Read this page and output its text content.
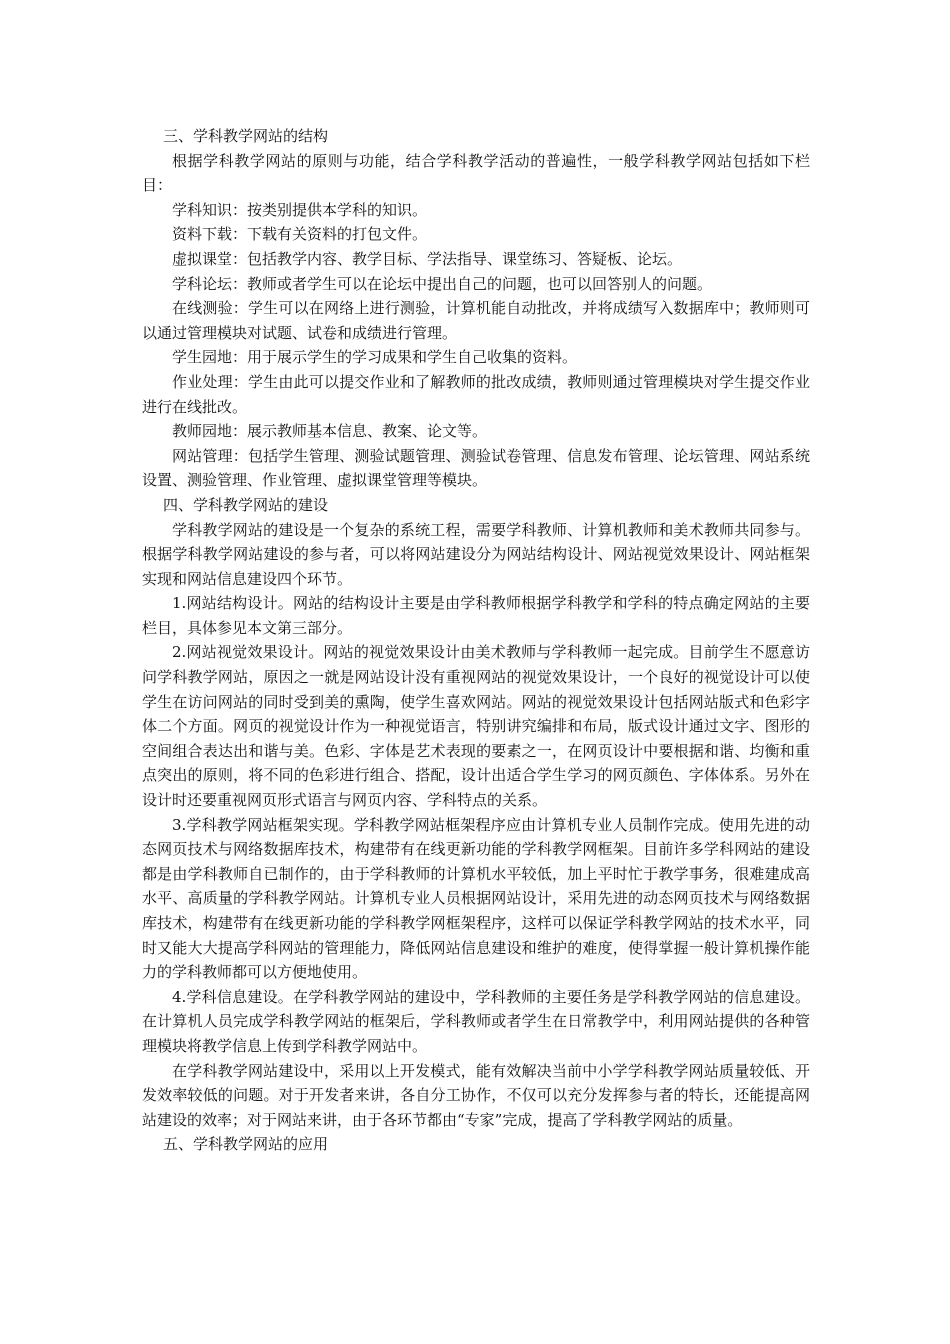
三、学科教学网站的结构

根据学科教学网站的原则与功能，结合学科教学活动的普遍性，一般学科教学网站包括如下栏目：

学科知识：按类别提供本学科的知识。

资料下载：下载有关资料的打包文件。

虚拟课堂：包括教学内容、教学目标、学法指导、课堂练习、答疑板、论坛。

学科论坛：教师或者学生可以在论坛中提出自己的问题，也可以回答别人的问题。

在线测验：学生可以在网络上进行测验，计算机能自动批改，并将成绩写入数据库中；教师则可以通过管理模块对试题、试卷和成绩进行管理。

学生园地：用于展示学生的学习成果和学生自己收集的资料。

作业处理：学生由此可以提交作业和了解教师的批改成绩，教师则通过管理模块对学生提交作业进行在线批改。

教师园地：展示教师基本信息、教案、论文等。

网站管理：包括学生管理、测验试题管理、测验试卷管理、信息发布管理、论坛管理、网站系统设置、测验管理、作业管理、虚拟课堂管理等模块。

四、学科教学网站的建设

学科教学网站的建设是一个复杂的系统工程，需要学科教师、计算机教师和美术教师共同参与。根据学科教学网站建设的参与者，可以将网站建设分为网站结构设计、网站视觉效果设计、网站框架实现和网站信息建设四个环节。

1.网站结构设计。网站的结构设计主要是由学科教师根据学科教学和学科的特点确定网站的主要栏目，具体参见本文第三部分。

2.网站视觉效果设计。网站的视觉效果设计由美术教师与学科教师一起完成。目前学生不愿意访问学科教学网站，原因之一就是网站设计没有重视网站的视觉效果设计，一个良好的视觉设计可以使学生在访问网站的同时受到美的熏陶，使学生喜欢网站。网站的视觉效果设计包括网站版式和色彩字体二个方面。网页的视觉设计作为一种视觉语言，特别讲究编排和布局，版式设计通过文字、图形的空间组合表达出和谐与美。色彩、字体是艺术表现的要素之一，在网页设计中要根据和谐、均衡和重点突出的原则，将不同的色彩进行组合、搭配，设计出适合学生学习的网页颜色、字体体系。另外在设计时还要重视网页形式语言与网页内容、学科特点的关系。

3.学科教学网站框架实现。学科教学网站框架程序应由计算机专业人员制作完成。使用先进的动态网页技术与网络数据库技术，构建带有在线更新功能的学科教学网框架。目前许多学科网站的建设都是由学科教师自已制作的，由于学科教师的计算机水平较低，加上平时忙于教学事务，很难建成高水平、高质量的学科教学网站。计算机专业人员根据网站设计，采用先进的动态网页技术与网络数据库技术，构建带有在线更新功能的学科教学网框架程序，这样可以保证学科教学网站的技术水平，同时又能大大提高学科网站的管理能力，降低网站信息建设和维护的难度，使得掌握一般计算机操作能力的学科教师都可以方便地使用。

4.学科信息建设。在学科教学网站的建设中，学科教师的主要任务是学科教学网站的信息建设。在计算机人员完成学科教学网站的框架后，学科教师或者学生在日常教学中，利用网站提供的各种管理模块将教学信息上传到学科教学网站中。

在学科教学网站建设中，采用以上开发模式，能有效解决当前中小学学科教学网站质量较低、开发效率较低的问题。对于开发者来讲，各自分工协作，不仅可以充分发挥参与者的特长，还能提高网站建设的效率；对于网站来讲，由于各环节都由“专家”完成，提高了学科教学网站的质量。

五、学科教学网站的应用
